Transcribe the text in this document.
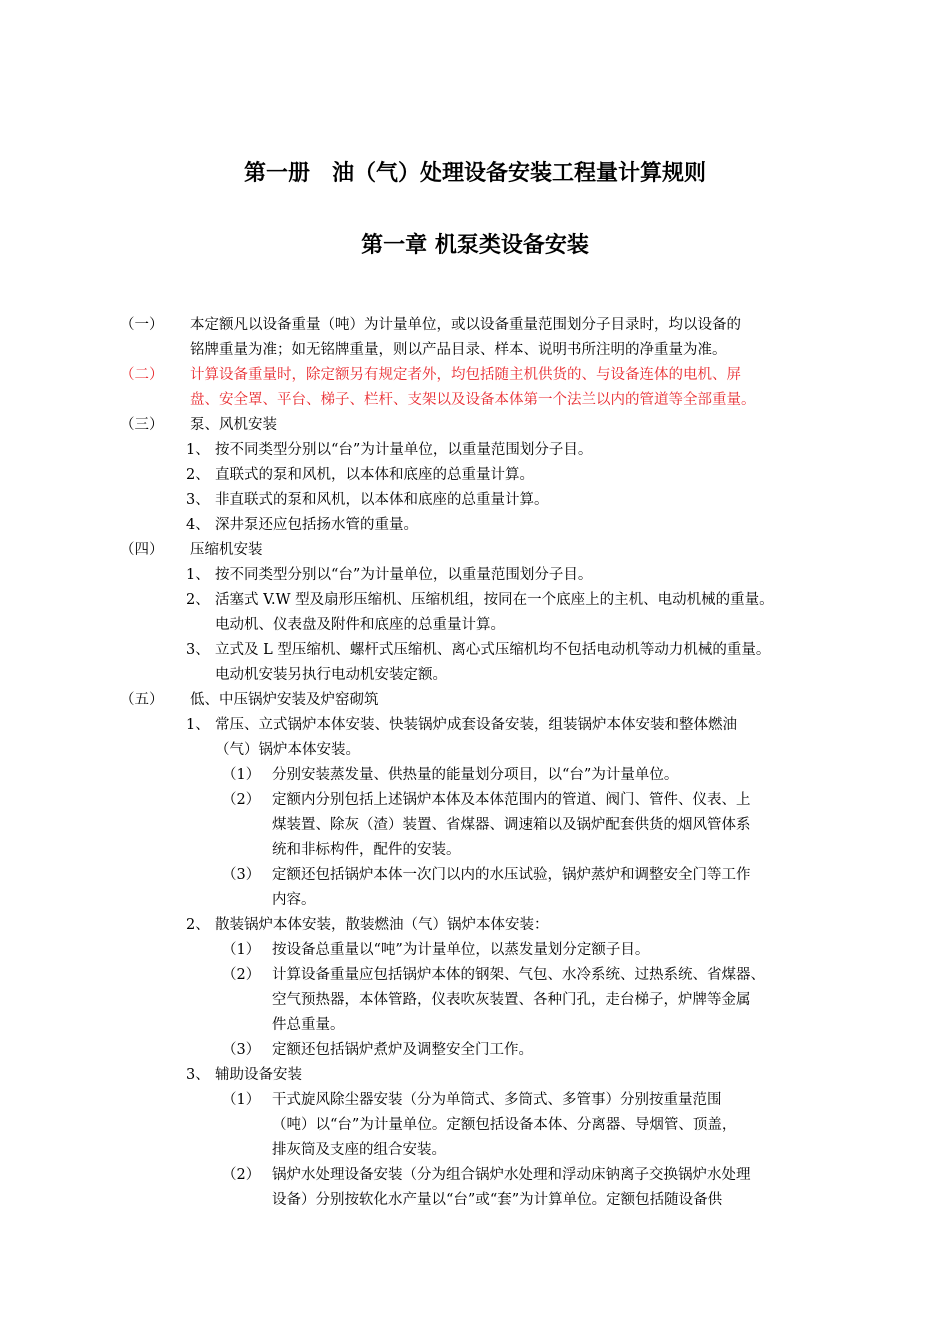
第一册　油（气）处理设备安装工程量计算规则
第一章 机泵类设备安装
（一） 本定额凡以设备重量（吨）为计量单位，或以设备重量范围划分子目录时，均以设备的
铭牌重量为准；如无铭牌重量，则以产品目录、样本、说明书所注明的净重量为准。
（二） 计算设备重量时，除定额另有规定者外，均包括随主机供货的、与设备连体的电机、屏
盘、安全罩、平台、梯子、栏杆、支架以及设备本体第一个法兰以内的管道等全部重量。
（三） 泵、风机安装
1、 按不同类型分别以“台”为计量单位，以重量范围划分子目。
2、 直联式的泵和风机，以本体和底座的总重量计算。
3、 非直联式的泵和风机，以本体和底座的总重量计算。
4、 深井泵还应包括扬水管的重量。
（四） 压缩机安装
1、 按不同类型分别以“台”为计量单位，以重量范围划分子目。
2、 活塞式 V.W 型及扇形压缩机、压缩机组，按同在一个底座上的主机、电动机械的重量。
电动机、仪表盘及附件和底座的总重量计算。
3、 立式及 L 型压缩机、螺杆式压缩机、离心式压缩机均不包括电动机等动力机械的重量。
电动机安装另执行电动机安装定额。
（五） 低、中压锅炉安装及炉窑砌筑
1、 常压、立式锅炉本体安装、快装锅炉成套设备安装，组装锅炉本体安装和整体燃油
（气）锅炉本体安装。
（1） 分别安装蒸发量、供热量的能量划分项目，以“台”为计量单位。
（2） 定额内分别包括上述锅炉本体及本体范围内的管道、阀门、管件、仪表、上
煤装置、除灰（渣）装置、省煤器、调速箱以及锅炉配套供货的烟风管体系
统和非标构件，配件的安装。
（3） 定额还包括锅炉本体一次门以内的水压试验，锅炉蒸炉和调整安全门等工作
内容。
2、 散装锅炉本体安装，散装燃油（气）锅炉本体安装：
（1） 按设备总重量以“吨”为计量单位，以蒸发量划分定额子目。
（2） 计算设备重量应包括锅炉本体的钢架、气包、水冷系统、过热系统、省煤器、
空气预热器，本体管路，仪表吹灰装置、各种门孔，走台梯子，炉牌等金属
件总重量。
（3） 定额还包括锅炉煮炉及调整安全门工作。
3、 辅助设备安装
（1） 干式旋风除尘器安装（分为单筒式、多筒式、多管事）分别按重量范围
（吨）以“台”为计量单位。定额包括设备本体、分离器、导烟管、顶盖，
排灰筒及支座的组合安装。
（2） 锅炉水处理设备安装（分为组合锅炉水处理和浮动床钠离子交换锅炉水处理
设备）分别按软化水产量以“台”或“套”为计算单位。定额包括随设备供
